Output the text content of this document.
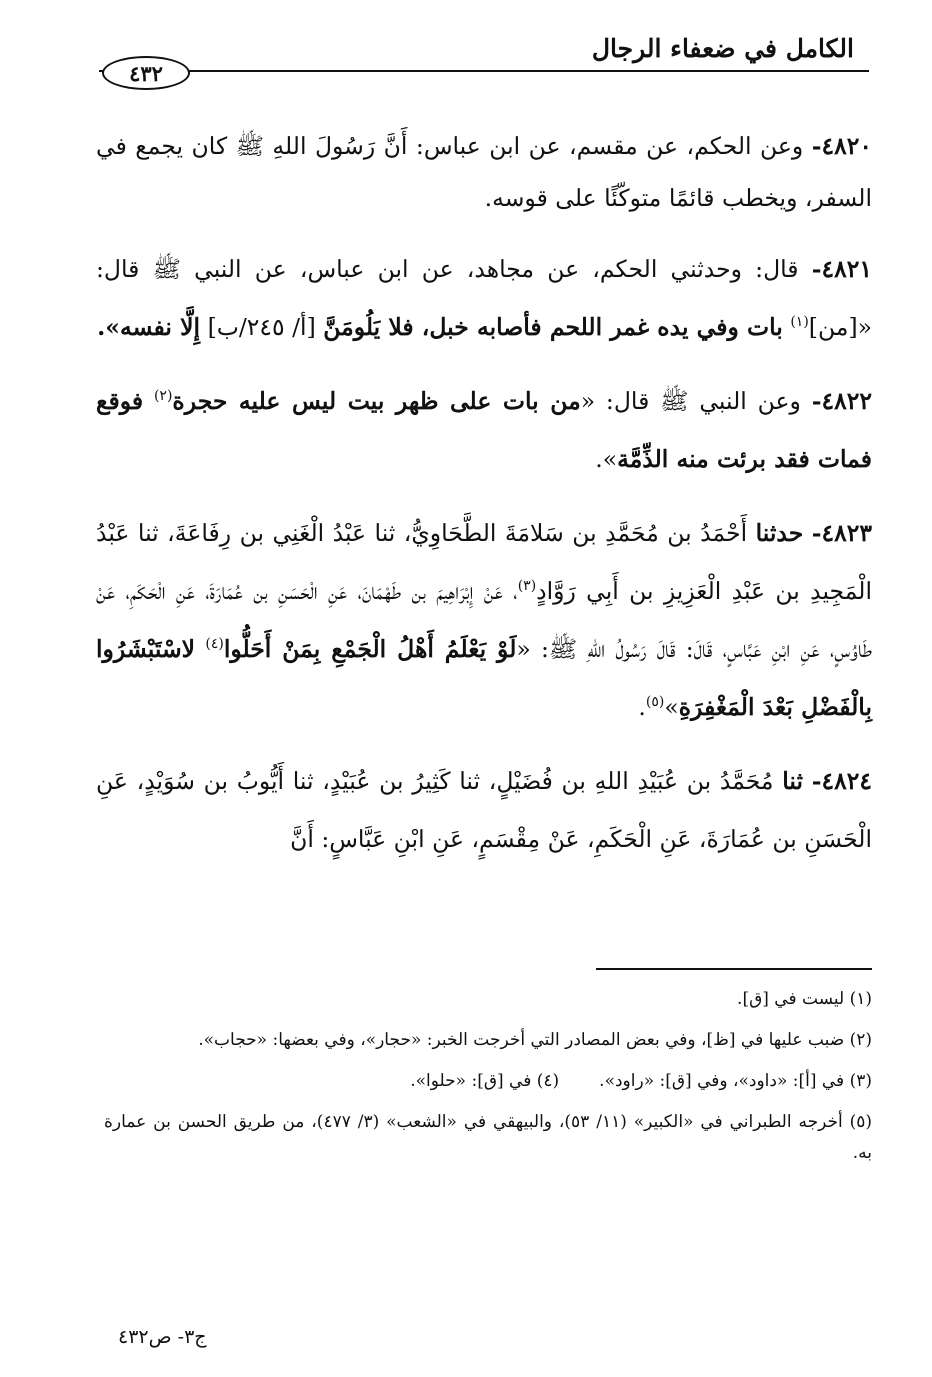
الكامل في ضعفاء الرجال
٤٣٢

٤٨٢٠- وعن الحكم، عن مقسم، عن ابن عباس: أَنَّ رَسُولَ اللهِ ﷺ كان يجمع في السفر، ويخطب قائمًا متوكّئًا على قوسه.

٤٨٢١- قال: وحدثني الحكم، عن مجاهد، عن ابن عباس، عن النبي ﷺ قال: «[من]$^{(١)}$ بات وفي يده غمر اللحم فأصابه خبل، فلا يَلُومَنَّ [أ/ ٢٤٥/ب] إِلَّا نفسه».

٤٨٢٢- وعن النبي ﷺ قال: «من بات على ظهر بيت ليس عليه حجرة$^{(٢)}$ فوقع فمات فقد برئت منه الذِّمَّة».

٤٨٢٣- حدثنا أَحْمَدُ بن مُحَمَّدِ بن سَلامَةَ الطَّحَاوِيُّ، ثنا عَبْدُ الْغَنِي بن رِفَاعَةَ، ثنا عَبْدُ الْمَجِيدِ بن عَبْدِ الْعَزِيزِ بن أَبِي رَوَّادٍ$^{(٣)}$، عَنْ إِبْرَاهِيمَ بن طَهْمَانَ، عَنِ الْحَسَنِ بن عُمَارَةَ، عَنِ الْحَكَمِ، عَنْ طَاوُسٍ، عَنِ ابْنِ عَبَّاسٍ، قَالَ: قَالَ رَسُولُ اللهِ ﷺ: «لَوْ يَعْلَمُ أَهْلُ الْجَمْعِ بِمَنْ أَحَلُّوا$^{(٤)}$ لاسْتَبْشَرُوا بِالْفَضْلِ بَعْدَ الْمَغْفِرَةِ»$^{(٥)}$.

٤٨٢٤- ثنا مُحَمَّدُ بن عُبَيْدِ اللهِ بن فُضَيْلٍ، ثنا كَثِيرُ بن عُبَيْدٍ، ثنا أَيُّوبُ بن سُوَيْدٍ، عَنِ الْحَسَنِ بن عُمَارَةَ، عَنِ الْحَكَمِ، عَنْ مِقْسَمٍ، عَنِ ابْنِ عَبَّاسٍ: أَنَّ

(١) ليست في [ق].

(٢) ضبب عليها في [ظ]، وفي بعض المصادر التي أخرجت الخبر: «حجار»، وفي بعضها: «حجاب».

(٣) في [أ]: «داود»، وفي [ق]: «راود».
(٤) في [ق]: «حلوا».

(٥) أخرجه الطبراني في «الكبير» (١١/ ٥٣)، والبيهقي في «الشعب» (٣/ ٤٧٧)، من طريق الحسن بن عمارة به.

ج٣- ص٤٣٢
